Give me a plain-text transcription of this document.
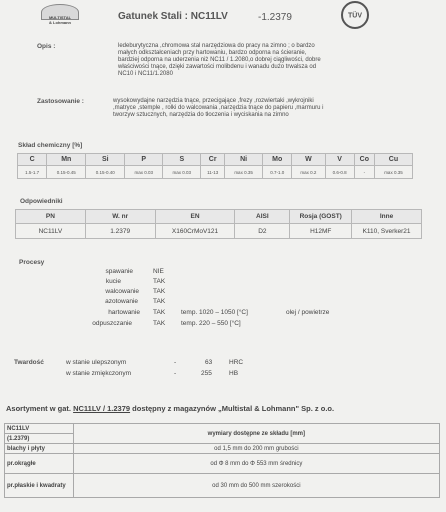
MULTISTAL
& Lohmann
Gatunek Stali : NC11LV	-1.2379	TÜV
Opis :	ledeburytyczna ,chromowa stal narzędziowa do pracy na zimno ; o bardzo
małych odkształceniach przy hartowaniu, bardzo odporna na ścieranie,
bardziej odporna na uderzenia niż NC11 / 1.2080,o dobrej ciągliwości, dobre
właściwości tnące, dzięki zawartości molibdenu i wanadu dużo trwalsza od
NC10 i NC11/1.2080
Zastosowanie :	wysokowydajne narzędzia tnące, przecigające ,frezy ,rozwiertaki ,wykrojniki
,matryce ,stemple , rolki do walcowania ,narzędzia tnące do papieru ,marmuru i
tworzyw sztucznych, narzędzia do tłoczenia i wyciskania na zimno
Skład chemiczny [%]
C	Mn	Si	P	S	Cr	Ni	Mo	W	V	Co	Cu
1.5-1.7	0.15-0.45	0.15-0.40	max 0.03	max 0.03	11-13	max 0.35	0.7-1.0	max 0.2	0.6-0.8	-	max 0.35
Odpowiedniki
PN	W. nr	EN	AISI	Rosja (GOST)	Inne
NC11LV	1.2379	X160CrMoV121	D2	H12MF	K110, Sverker21
Procesy
spawanie	NIE
kucie	TAK
walcowanie TAK
azotowanie TAK
hartowanie TAK temp. 1020 – 1050 [°C]	olej / powietrze
odpuszczanie	TAK temp. 220 – 550 [°C]
Twardość	w stanie ulepszonym	-	63	HRC
w stanie zmiękczonym	-	255	HB
Asortyment w gat. NC11LV / 1.2379 dostępny z magazynów „Multistal & Lohmann" Sp. z o.o.
NC11LV	wymiary dostępne ze składu [mm]
(1.2379)	
blachy i płyty	od 1,5 mm do 200 mm grubości
pr.okrągłe	od Φ 8 mm do Φ 553 mm średnicy
pr.płaskie i kwadraty	od 30 mm do 500 mm szerokości
